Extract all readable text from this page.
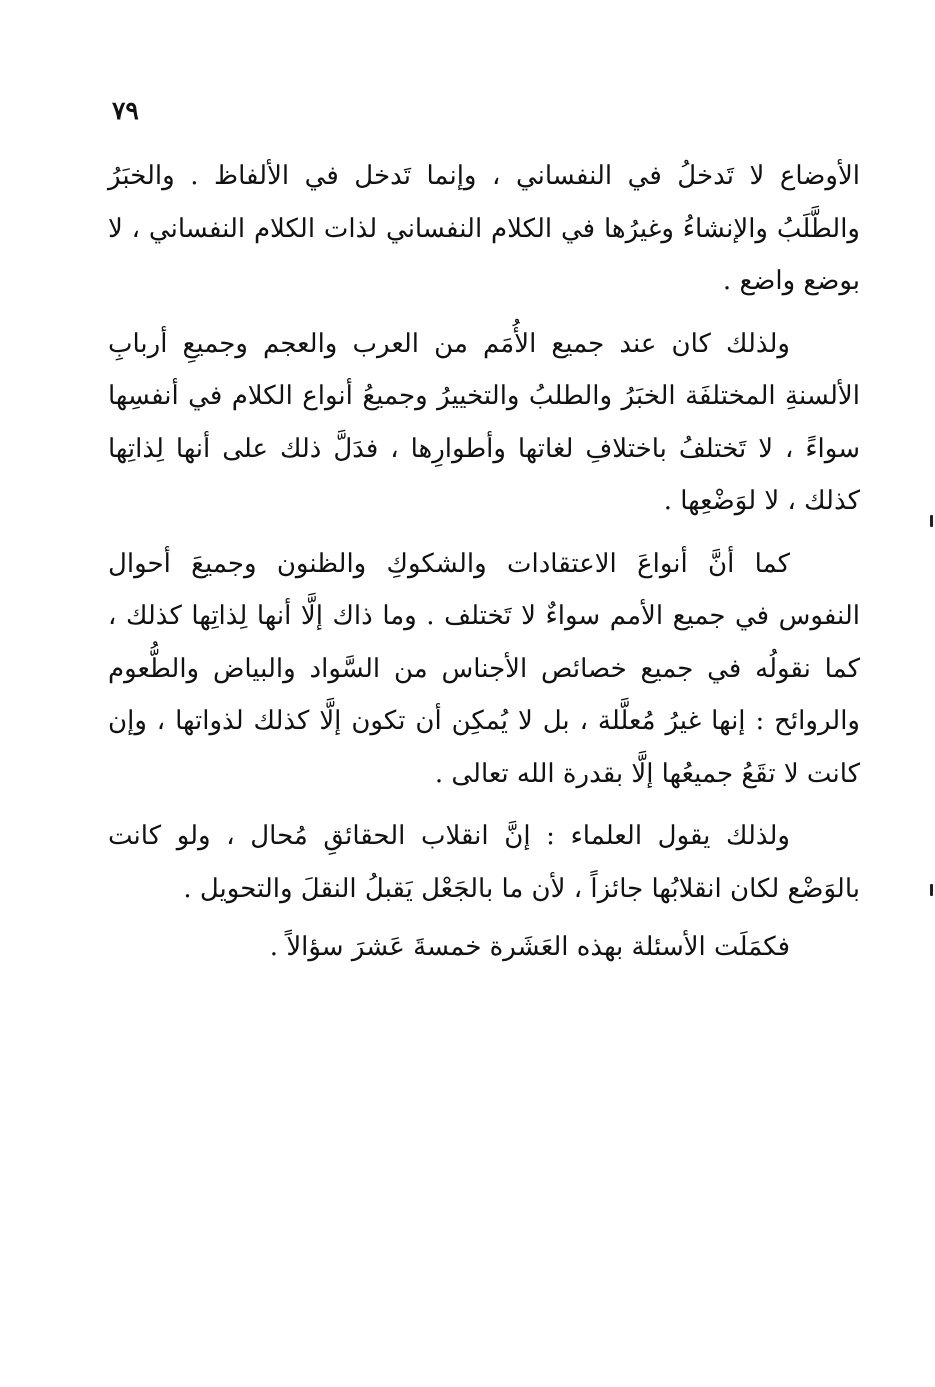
٧٩

الأوضاع لا تَدخلُ في النفساني ، وإنما تَدخل في الألفاظ . والخبَرُ والطَّلَبُ والإنشاءُ وغيرُها في الكلام النفساني لذات الكلام النفساني ، لا بوضع واضع .

ولذلك كان عند جميع الأُمَم من العرب والعجم وجميعِ أربابِ الألسنةِ المختلفَة الخبَرُ والطلبُ والتخييرُ وجميعُ أنواع الكلام في أنفسِها سواءً ، لا تَختلفُ باختلافِ لغاتها وأطوارِها ، فدَلَّ ذلك على أنها لِذاتِها كذلك ، لا لوَضْعِها .

كما أنَّ أنواعَ الاعتقادات والشكوكِ والظنون وجميعَ أحوال النفوس في جميع الأمم سواءٌ لا تَختلف . وما ذاك إلَّا أنها لِذاتِها كذلك ، كما نقولُه في جميع خصائص الأجناس من السَّواد والبياض والطُّعوم والروائح : إنها غيرُ مُعلَّلة ، بل لا يُمكِن أن تكون إلَّا كذلك لذواتها ، وإن كانت لا تقَعُ جميعُها إلَّا بقدرة الله تعالى .

ولذلك يقول العلماء : إنَّ انقلاب الحقائقِ مُحال ، ولو كانت بالوَضْع لكان انقلابُها جائزاً ، لأن ما بالجَعْل يَقبلُ النقلَ والتحويل .

فكمَلَت الأسئلة بهذه العَشَرة خمسةَ عَشرَ سؤالاً .
